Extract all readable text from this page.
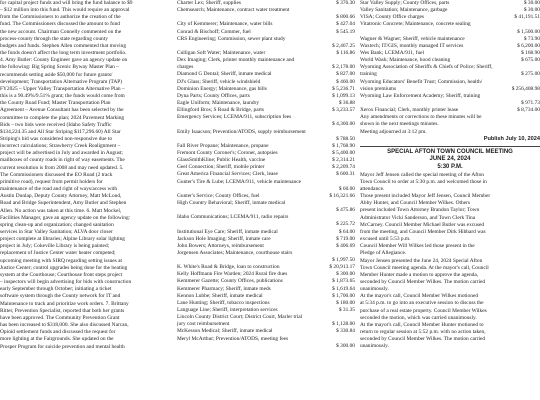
for capital project funds and will bring the fund balance to $9

– $12 million into this fund. This would require an approval

from the Commissioners to authorize the creation of the

fund. The Commissioners discussed the amount to fund

the new account. Chairman Connelly commented on the

process-county through the state regarding county

budgets and funds. Stephen Allen commented that moving

the funds doesn't affect the long term investment portfolio.

4. Amy Butler: County Engineer gave an agency update on

the following: Big Spring Scenic Byway Master Plan –

recommends setting aside $50,000 for future grants/

development; Transportation Alternative Program (TAP)

FY2025 – Upper Valley Transportation Alternative Plan –

this is a 90.49%/9.51% grant; the funds would come from

the County Road Fund; Master Transportation Plan

Agreement – Avenue Consultant has been selected by the

committee to complete the plan; 2024 Pavement Marking

Bids – two bids were received (Idaho Safety Traffic

$134,224.35 and All Star Striping $117,296.60) All Star

Striping's bid was considered non-responsive due to

incorrect calculations; Strawberry Creek Realignment –

project will be advertised in July and awarded in August;

mailboxes of county roads in right of way easements. The

current resolution is from 2008 and may need updated. 5.

The Commissioners discussed the EO Road (2 track

primitive road), request from permit holders for

maintenance of the road and right of ways/access with

Austin Dunlap, Deputy County Attorney, Matt McLoud,

Road and Bridge Superintendent, Amy Butler and Stephen

Allen. No action was taken at this time. 6. Matt Mockel,

Facilities Manager, gave an agency update on the following:

spring clean-up and organization; changed sanitation

services in Star Valley Sanitation; ALVA door closer

project complete at libraries; Alpine Library solar lighting

project in July; Cokeville Library is being painted;

replacement of Justice Center water heater competed;

upcoming meeting with SIRQ regarding setting issues at

Justice Center; control upgrades being done for the heating

system at the Courthouse; Courthouse front steps project

– inspectors will begin advertising for bids with construction

early September through October; initiating a ticket

software system through the County network for IT and

Maintenance to track and prioritize work orders. 7. Brittany

Ritter, Prevention Specialist, reported that both her grants

have been approved. The Community Prevention Grant

has been increased to $318,000. She also discussed Narcan,

Opioid settlement funds and discussed the request for

more lighting at the Fairgrounds. She updated on the

Prosper Program for suicide prevention and mental health

Charter Lex; Sheriff, supplies	$ 376.30
Chemsearch; Maintenance, contract water treatment
$ 800.66
City of Kemmerer; Maintenance, water bills	$ 427.04
Conrad & Bischoff; Commer, fuel	$ 545.19
CRS Engineering; Commission, sewer plant study
$ 2,467.25
Culligan Soft Water; Maintenance, water	$ 116.86
Dex Imaging; Clerk, printer monthly maintenance and
charges	$ 2,178.00
Diamond G Dental; Sheriff, inmate medical	$ 827.00
DJ's Glass; Sheriff, vehicle windshield	$ 460.00
Dominion Energy; Maintenance, gas bills	$ 5,236.71
Dyna Parts; County Offices, parts	$ 1,099.13
Eagle Uniform; Maintenance, laundry	$ 36.88
Ellingford Bros; S Road & Bridge, parts	$ 3,233.57
Emergency Services; LCEMA/911, subscription fees
$ 4,360.00
Emily Isaacson; Prevention/ATODS, supply reimbursement
$ 788.50
Fall River Propane; Maintenance, propane	$ 1,768.90
Fremont County Coroner's; Coroner, autopsies	$ 5,400.00
GlassSmithKline; Public Health, vaccine	$ 2,314.21
Geel Connection; Sheriff, mobile printer	$ 2,209.74
Great America Financial Services; Clerk, lease	$ 600.31
Gunter's Tire & Lube; LCEMA/911, vehicle maintenance
$ 60.00
Gunter's Service; County Offices, fuel	$ 16,321.66
High Country Behavioral; Sheriff, inmate medical
$ 475.86
Idaho Communications; LCEMA/911, radio repairs
$ 225.72
Institutional Eye Care; Sheriff, inmate medical	$ 64.00
Jackson Hole Imaging; Sheriff, inmate care	$ 719.00
John Bowers; Attorneys, reimbursement	$ 406.69
Jorgensen Associates; Maintenance, courthouse stairs
$ 1,997.50
K. White's Road & Bridge, loan to construction	$ 20,913.17
Kelly Hoffmann Fire Warden; 2024 Rural fire dues	$ 300.00
Kemmerer Gazette; County Offices, publications	$ 1,873.65
Kemmerer Pharmacy; Sheriff, inmate meds	$ 1,619.64
Kennon Lubbe; Sheriff, inmate medical	$ 1,700.00
Lane Hunting; Sheriff, tobacco inspections	$ 180.00
Language Line; Sheriff, interpretation services	$ 31.35
Lincoln County District Court; District Court, Marler trial
jury cost reimbursement	$ 1,128.00
McKesson Medical; Sheriff, inmate medical	$ 330.84
Meryl McArthur; Prevention/ATODS, meeting fees
$ 300.00
Star Valley Supply; County Offices, parts	$ 30.00
Valley Sanitation; Maintenance, garbage	$ 30.00
VISA; County Office charges	$ 41,191.51
Vitatronic Concrete; Maintenance, concrete sealing
$ 1,500.00
Wagner & Wagner; Sheriff, vehicle maintenance	$ 73.90
Waxtech; IT/GIS, monthly managed IT services	$ 6,200.00
Wes Bank; LCEMA/911, fuel	$ 168.90
World Wash; Maintenance, hood cleaning	$ 675.00
Wyoming Association of Sheriffs & Chiefs of Police; Sheriff,
training	$ 275.00
Wyoming Educators' Benefit Trust; Commission, health/
vision premiums	$ 256,408.98
Wyoming Law Enforcement Academy; Sheriff, training
$ 971.73
Xerox Financial; Clerk, monthly printer lease	$ 8,734.00

Any amendments or corrections to these minutes will be

shown in the next meetings minutes.

Meeting adjourned at 3:12 pm.

Publish July 10, 2024
SPECIAL AFTON TOWN COUNCIL MEETING
JUNE 24, 2024
5:30 P.M.

Mayor Jeff Jensen called the special meeting of the Afton

Town Council to order at 5:30 p.m. and welcomed those in

attendance.

Those present included Mayor Jeff Jensen, Council Member

Abby Hunter, and Council Member Wilkes. Others

present included Town Attorney Brandon Taylor; Town

Administrator Vicki Sanderson, and Town Clerk Tina

McCarney. Council Member Michael Butler was excused

from the meeting, and Council Member Dirk Hibbard was

excused until 5:53 p.m.

Council Member Will Wilkes led those present in the

Pledge of Allegiance.

Mayor Jensen presented the June 24, 2024 Special Afton

Town Council meeting agenda. At the mayor's call, Council

Member Hunter made a motion to approve the agenda,

seconded by Council Member Wilkes. The motion carried

unanimously.

At the mayor's call, Council Member Wilkes motioned

at 5:34 p.m. to go into an executive session to discuss the

purchase of a real estate property. Council Member Wilkes

seconded the motion, which was carried unanimously.

At the mayor's call, Council Member Hunter motioned to

return to regular session at 5:52 p.m. with no action taken,

seconded by Council Member Wilkes. The motion carried

unanimously.
